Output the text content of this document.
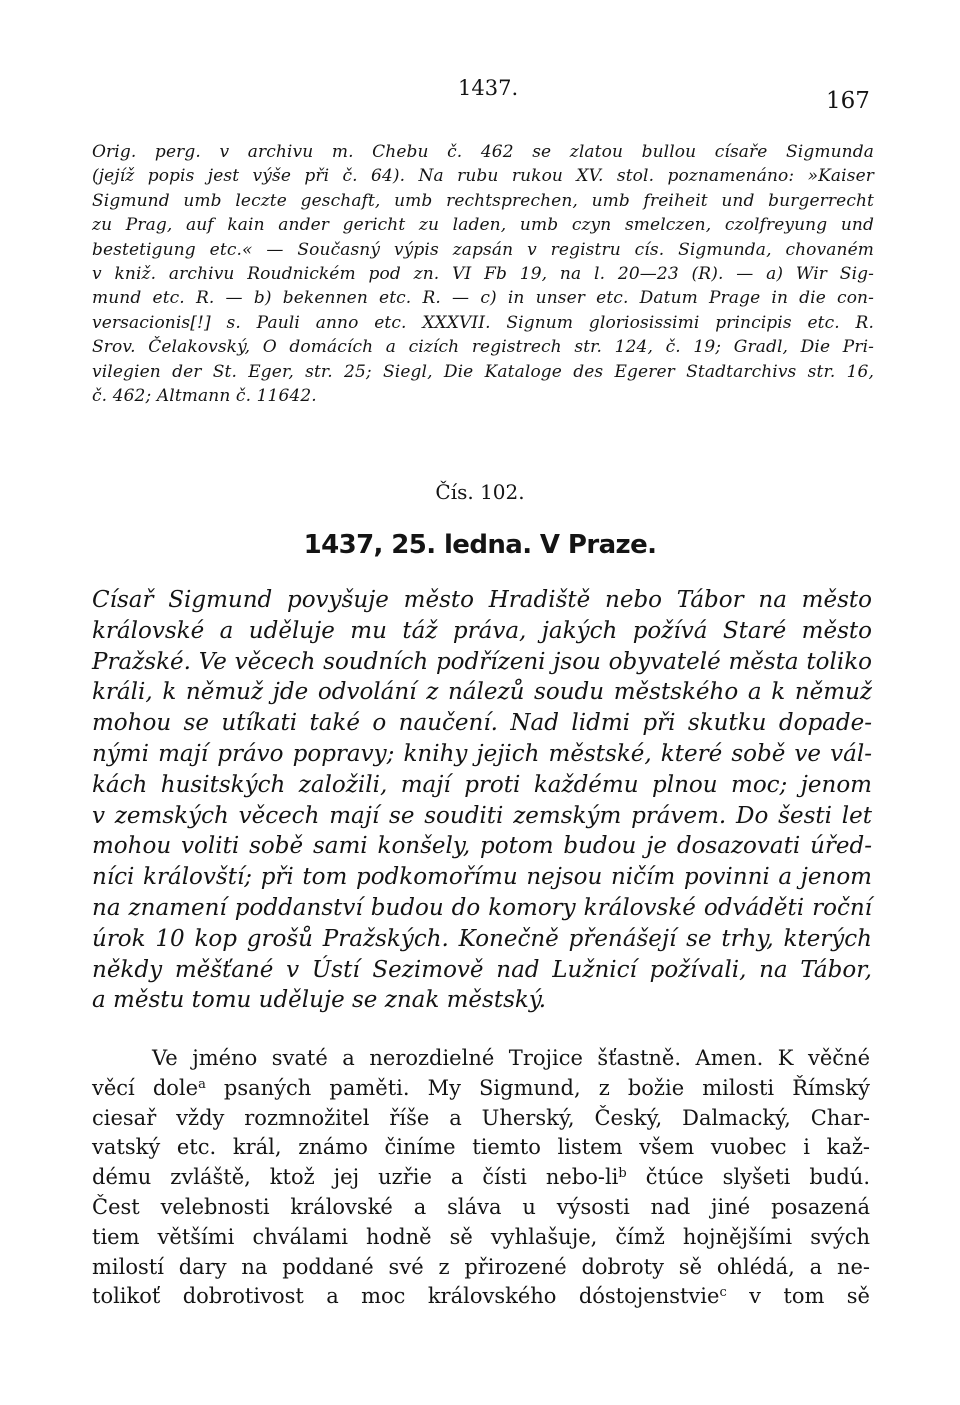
1437.	167
Orig. perg. v archivu m. Chebu č. 462 se zlatou bullou císaře Sigmunda
(jejíž popis jest výše při č. 64). Na rubu rukou XV. stol. poznamenáno: »Kaiser
Sigmund umb leczte geschaft, umb rechtsprechen, umb freiheit und burgerrecht
zu Prag, auf kain ander gericht zu laden, umb czyn smelczen, czolfreyung und
bestetigung etc.« — Současný výpis zapsán v registru cís. Sigmunda, chovaném
v kniž. archivu Roudnickém pod zn. VI Fb 19, na l. 20—23 (R). — a) Wir Sig-
mund etc. R. — b) bekennen etc. R. — c) in unser etc. Datum Prage in die con-
versacionis[!] s. Pauli anno etc. XXXVII. Signum gloriosissimi principis etc. R.
Srov. Čelakovský, O domácích a cizích registrech str. 124, č. 19; Gradl, Die Pri-
vilegien der St. Eger, str. 25; Siegl, Die Kataloge des Egerer Stadtarchivs str. 16,
č. 462; Altmann č. 11642.
Čís. 102.
1437, 25. ledna. V Praze.
Císař Sigmund povyšuje město Hradiště nebo Tábor na město
královské a uděluje mu táž práva, jakých požívá Staré město
Pražské. Ve věcech soudních podřízeni jsou obyvatelé města toliko
králi, k němuž jde odvolání z nálezů soudu městského a k němuž
mohou se utíkati také o naučení. Nad lidmi při skutku dopade-
nými mají právo popravy; knihy jejich městské, které sobě ve vál-
kách husitských založili, mají proti každému plnou moc; jenom
v zemských věcech mají se souditi zemským právem. Do šesti let
mohou voliti sobě sami konšely, potom budou je dosazovati úřed-
níci královští; při tom podkomořímu nejsou ničím povinni a jenom
na znamení poddanství budou do komory královské odváděti roční
úrok 10 kop grošů Pražských. Konečně přenášejí se trhy, kterých
někdy měšťané v Ústí Sezimově nad Lužnicí požívali, na Tábor,
a městu tomu uděluje se znak městský.
Ve jméno svaté a nerozdielné Trojice šťastně. Amen. K věčné
věcí dole$^a$ psaných paměti. My Sigmund, z božie milosti Římský
ciesař vždy rozmnožitel říše a Uherský, Český, Dalmacký, Char-
vatský etc. král, známo činíme tiemto listem všem vuobec i kaž-
dému zvláště, ktož jej uzřie a čísti nebo-$li^b$ čtúce slyšeti budú.
Čest velebnosti královské a sláva u výsosti nad jiné posazená
tiem většími chválami hodně sě vyhlašuje, čímž hojnějšími svých
milostí dary na poddané své z přirozené dobroty sě ohlédá, a ne-
tolikoť dobrotivost a moc královského dóstojenstvie$^c$ v tom sě
